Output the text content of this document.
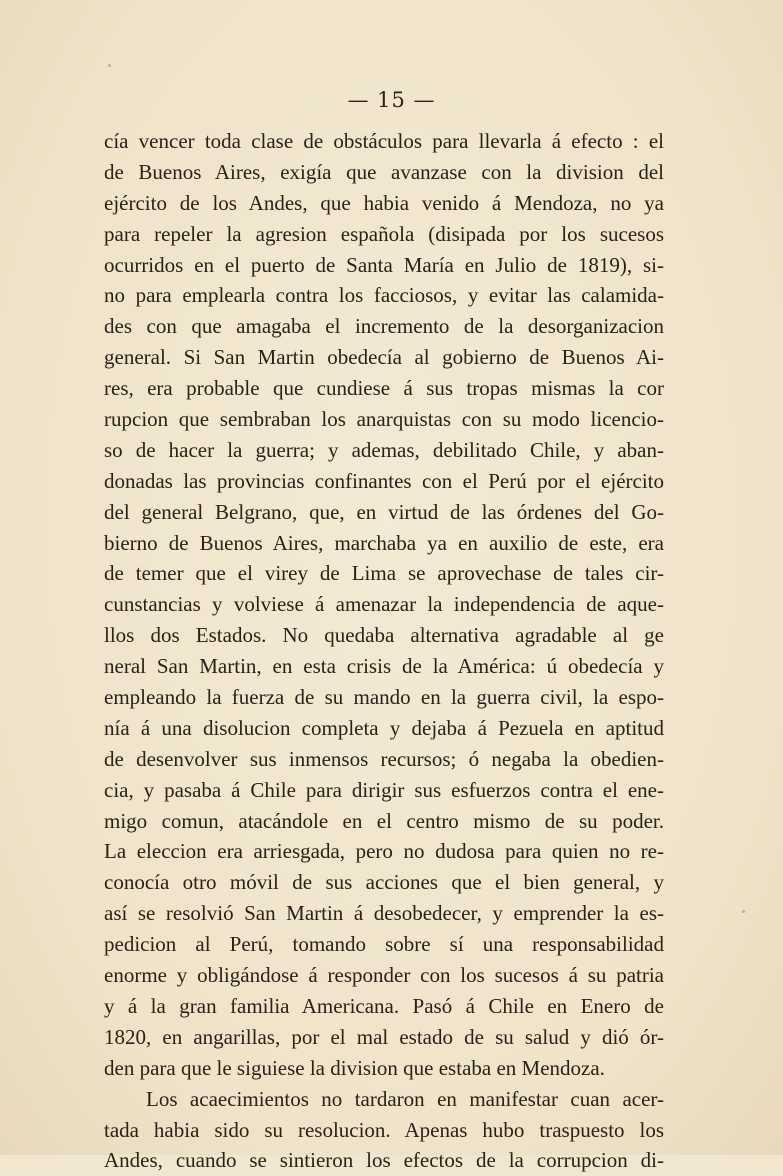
— 15 —
cía vencer toda clase de obstáculos para llevarla á efecto : el
de Buenos Aires, exigía que avanzase con la division del
ejército de los Andes, que habia venido á Mendoza, no ya
para repeler la agresion española (disipada por los sucesos
ocurridos en el puerto de Santa María en Julio de 1819), si-
no para emplearla contra los facciosos, y evitar las calamida-
des con que amagaba el incremento de la desorganizacion
general. Si San Martin obedecía al gobierno de Buenos Ai-
res, era probable que cundiese á sus tropas mismas la cor
rupcion que sembraban los anarquistas con su modo licencio-
so de hacer la guerra; y ademas, debilitado Chile, y aban-
donadas las provincias confinantes con el Perú por el ejército
del general Belgrano, que, en virtud de las órdenes del Go-
bierno de Buenos Aires, marchaba ya en auxilio de este, era
de temer que el virey de Lima se aprovechase de tales cir-
cunstancias y volviese á amenazar la independencia de aque-
llos dos Estados. No quedaba alternativa agradable al ge
neral San Martin, en esta crisis de la América: ú obedecía y
empleando la fuerza de su mando en la guerra civil, la espo-
nía á una disolucion completa y dejaba á Pezuela en aptitud
de desenvolver sus inmensos recursos; ó negaba la obedien-
cia, y pasaba á Chile para dirigir sus esfuerzos contra el ene-
migo comun, atacándole en el centro mismo de su poder.
La eleccion era arriesgada, pero no dudosa para quien no re-
conocía otro móvil de sus acciones que el bien general, y
así se resolvió San Martin á desobedecer, y emprender la es-
pedicion al Perú, tomando sobre sí una responsabilidad
enorme y obligándose á responder con los sucesos á su patria
y á la gran familia Americana. Pasó á Chile en Enero de
1820, en angarillas, por el mal estado de su salud y dió ór-
den para que le siguiese la division que estaba en Mendoza.
Los acaecimientos no tardaron en manifestar cuan acer-
tada habia sido su resolucion. Apenas hubo traspuesto los
Andes, cuando se sintieron los efectos de la corrupcion di-
